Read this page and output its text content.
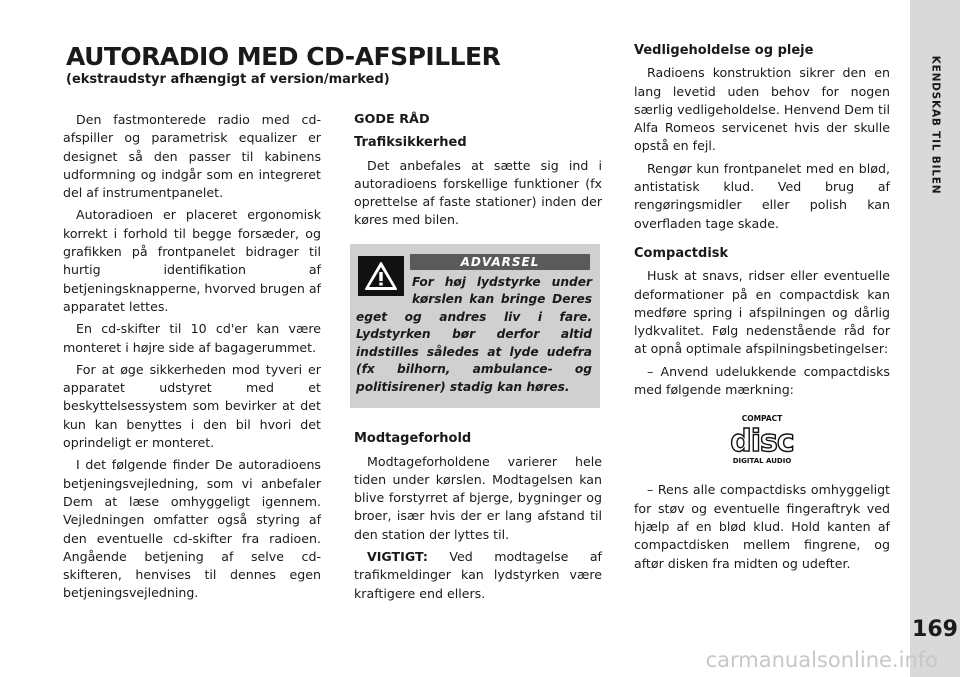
KENDSKAB TIL BILEN
169
carmanualsonline.info
AUTORADIO MED CD-AFSPILLER
(ekstraudstyr afhængigt af version/marked)

Den fastmonterede radio med cd-afspiller og parametrisk equalizer er designet så den passer til kabinens udformning og indgår som en integreret del af instrumentpanelet.

Autoradioen er placeret ergonomisk korrekt i forhold til begge forsæder, og grafikken på frontpanelet bidrager til hurtig identifikation af betjeningsknapperne, hvorved brugen af apparatet lettes.

En cd-skifter til 10 cd'er kan være monteret i højre side af bagagerummet.

For at øge sikkerheden mod tyveri er apparatet udstyret med et beskyttelsessystem som bevirker at det kun kan benyttes i den bil hvori det oprindeligt er monteret.

I det følgende finder De autoradioens betjeningsvejledning, som vi anbefaler Dem at læse omhyggeligt igennem. Vejledningen omfatter også styring af den eventuelle cd-skifter fra radioen. Angående betjening af selve cd-skifteren, henvises til dennes egen betjeningsvejledning.

GODE RÅD
Trafiksikkerhed

Det anbefales at sætte sig ind i autoradioens forskellige funktioner (fx oprettelse af faste stationer) inden der køres med bilen.

ADVARSEL
For høj lydstyrke under kørslen kan bringe Deres eget og andres liv i fare. Lydstyrken bør derfor altid indstilles således at lyde udefra (fx bilhorn, ambulance- og politisirener) stadig kan høres.
Modtageforhold

Modtageforholdene varierer hele tiden under kørslen. Modtagelsen kan blive forstyrret af bjerge, bygninger og broer, især hvis der er lang afstand til den station der lyttes til.

VIGTIGT: Ved modtagelse af trafikmeldinger kan lydstyrken være kraftigere end ellers.

Vedligeholdelse og pleje

Radioens konstruktion sikrer den en lang levetid uden behov for nogen særlig vedligeholdelse. Henvend Dem til Alfa Romeos servicenet hvis der skulle opstå en fejl.

Rengør kun frontpanelet med en blød, antistatisk klud. Ved brug af rengøringsmidler eller polish kan overfladen tage skade.

Compactdisk

Husk at snavs, ridser eller eventuelle deformationer på en compactdisk kan medføre spring i afspilningen og dårlig lydkvalitet. Følg nedenstående råd for at opnå optimale afspilningsbetingelser:

– Anvend udelukkende compactdisks med følgende mærkning:

COMPACT
disc
DIGITAL AUDIO

– Rens alle compactdisks omhyggeligt for støv og eventuelle fingeraftryk ved hjælp af en blød klud. Hold kanten af compactdisken mellem fingrene, og aftør disken fra midten og udefter.
